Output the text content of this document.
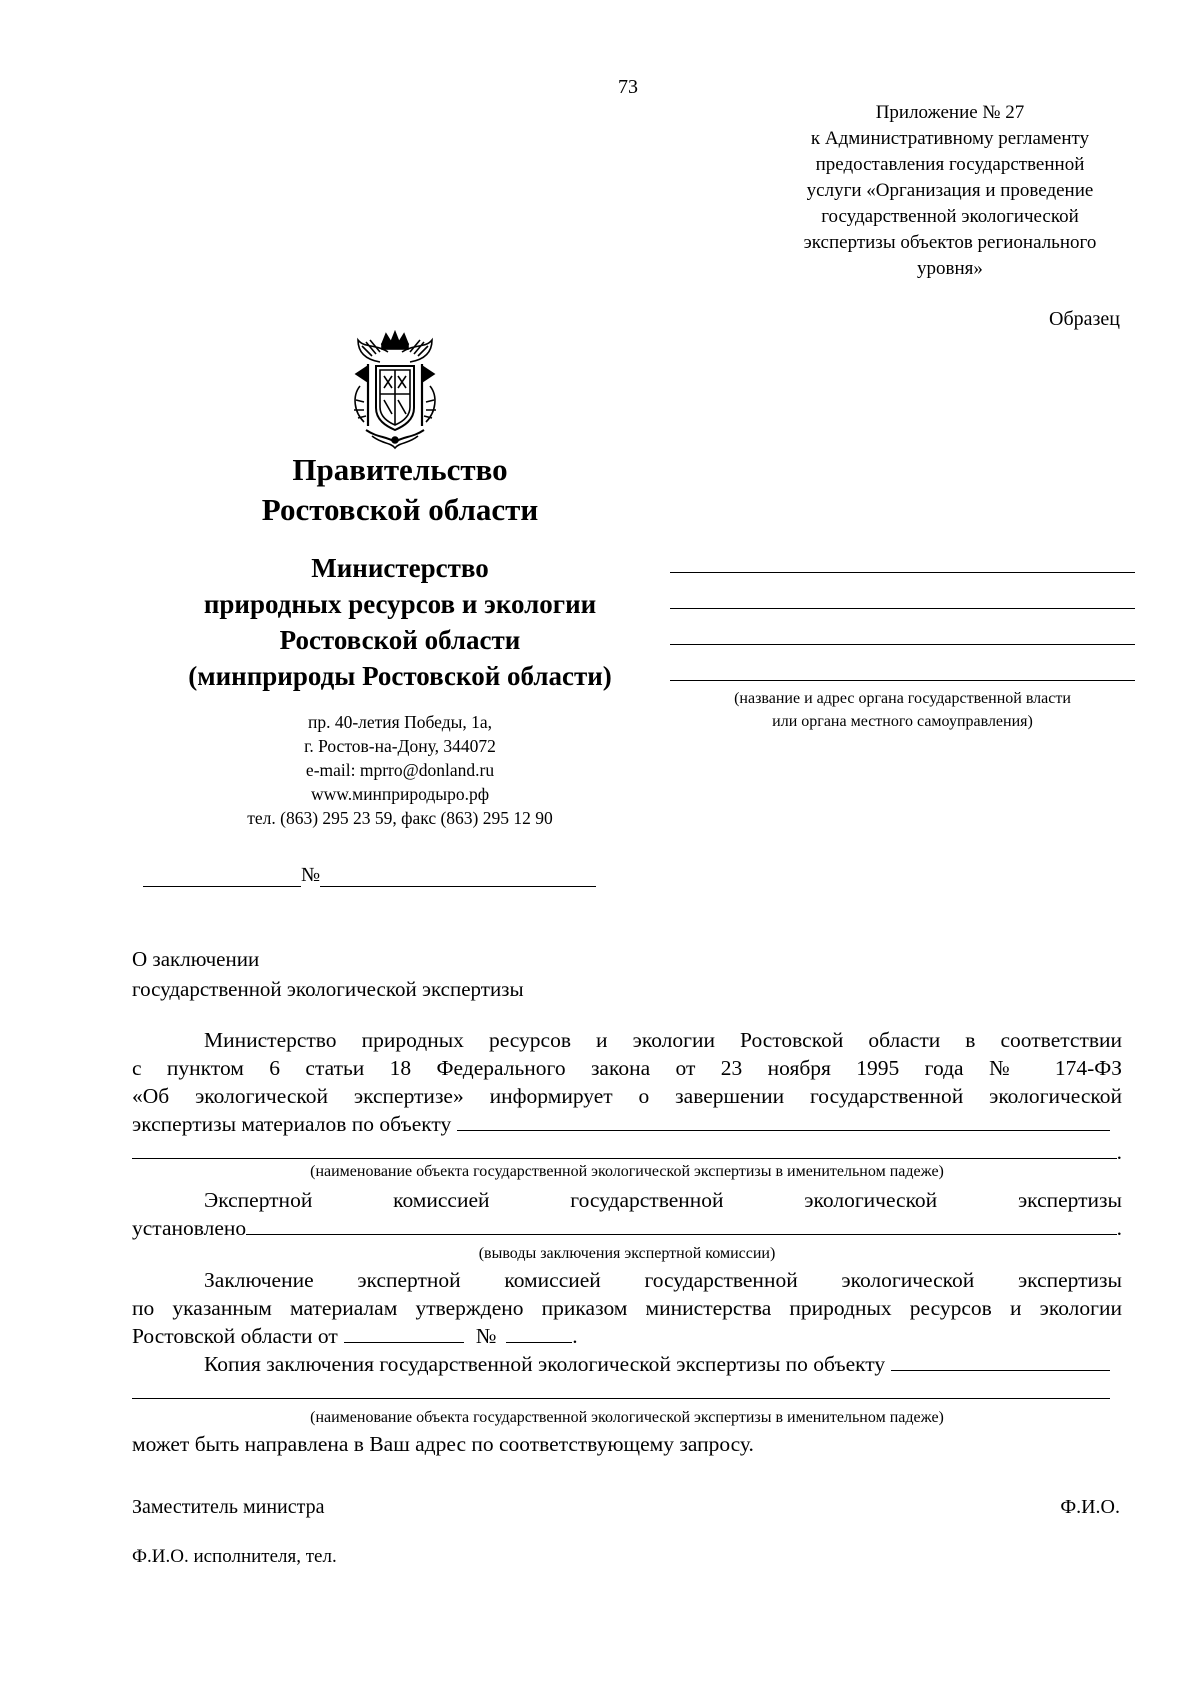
73
Приложение № 27
к Административному регламенту
предоставления государственной
услуги «Организация и проведение
государственной экологической
экспертизы объектов регионального
уровня»
Образец
Правительство
Ростовской области
Министерство
природных ресурсов и экологии
Ростовской области
(минприроды Ростовской области)
пр. 40-летия Победы, 1а,
г. Ростов-на-Дону, 344072
e-mail: mprro@donland.ru
www.минприродыро.рф
тел. (863) 295 23 59, факс (863) 295 12 90
(название и адрес органа государственной власти
или органа местного самоуправления)
№
О заключении
государственной экологической экспертизы
Министерство природных ресурсов и экологии Ростовской области в соответствии
с пунктом 6 статьи 18 Федерального закона от 23 ноября 1995 года № 174-ФЗ
«Об экологической экспертизе» информирует о завершении государственной экологической
экспертизы материалов по объекту
.
(наименование объекта государственной экологической экспертизы в именительном падеже)
Экспертной комиссией государственной экологической экспертизы
установлено	.
(выводы заключения экспертной комиссии)
Заключение экспертной комиссией государственной экологической экспертизы
по указанным материалам утверждено приказом министерства природных ресурсов и экологии
Ростовской области от	№	.
Копия заключения государственной экологической экспертизы по объекту
(наименование объекта государственной экологической экспертизы в именительном падеже)
может быть направлена в Ваш адрес по соответствующему запросу.
Заместитель министра	Ф.И.О.
Ф.И.О. исполнителя, тел.
